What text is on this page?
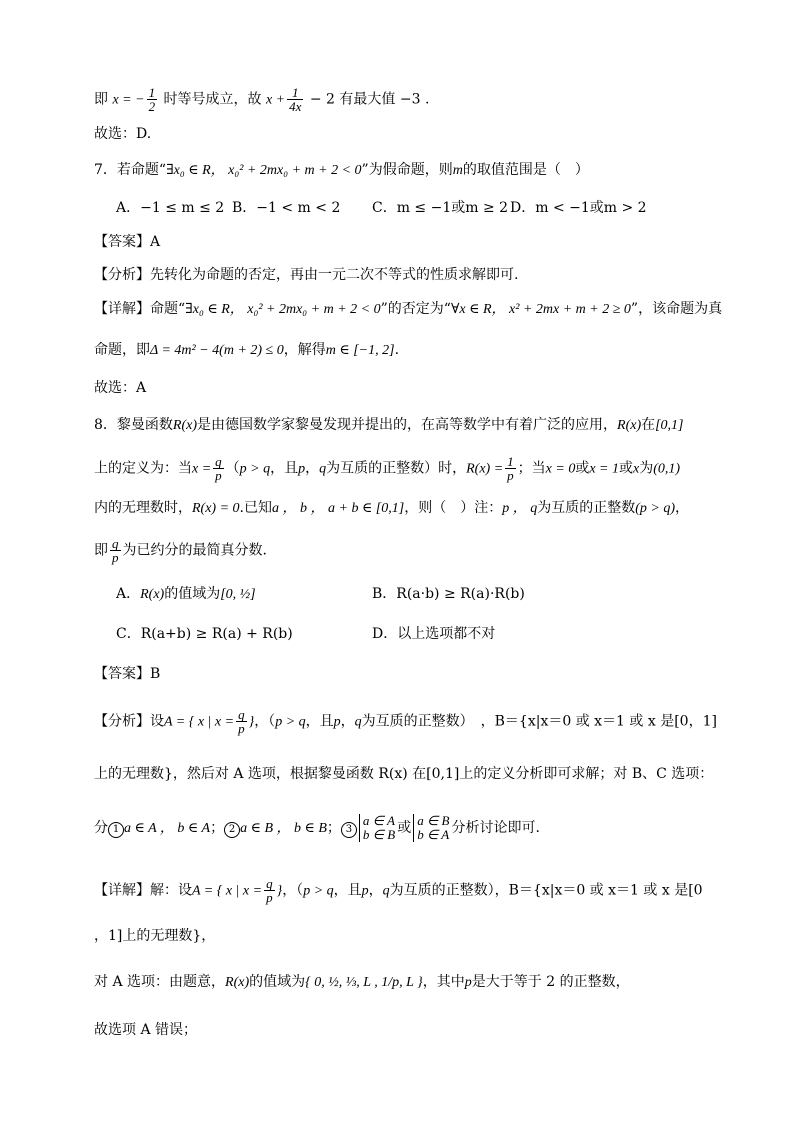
即 x = − $\frac{1}{2}$ 时等号成立，故 $x + \frac{1}{4x} - 2$ 有最大值 −3 .
故选：D.
7．若命题“∃x₀ ∈ R， x₀² + 2mx₀ + m + 2 < 0”为假命题，则m的取值范围是（　）
A．−1 ≤ m ≤ 2 B．−1 < m < 2 C．m ≤ −1或m ≥ 2 D．m < −1或m > 2
【答案】A
【分析】先转化为命题的否定，再由一元二次不等式的性质求解即可.
【详解】命题“∃x₀ ∈ R， x₀² + 2mx₀ + m + 2 < 0”的否定为“∀x ∈ R， x² + 2mx + m + 2 ≥ 0”，该命题为真
命题，即Δ = 4m² − 4(m + 2) ≤ 0，解得m ∈ [−1, 2].
故选：A
8．黎曼函数R(x)是由德国数学家黎曼发现并提出的，在高等数学中有着广泛的应用，R(x)在[0,1]
上的定义为：当$x = \frac{q}{p} (p > q$，且p，q为互质的正整数）时，$R(x) = \frac{1}{p}$ ；当x = 0或x = 1或x为(0,1)
内的无理数时，R(x) = 0.已知a ， b ， a + b ∈ [0,1]，则（　）注：p ， q为互质的正整数(p > q)，
即 $\frac{q}{p}$ 为已约分的最简真分数.
A．R(x)的值域为[0, ½]	B．R(a·b) ≥ R(a)·R(b)
C．R(a+b) ≥ R(a) + R(b)	D．以上选项都不对
【答案】B
【分析】设A = { x | $x = \frac{q}{p}$ }，（p > q，且p，q为互质的正整数）　，B＝{x|x＝0 或 x＝1 或 x 是[0，1]
上的无理数}，然后对 A 选项，根据黎曼函数 R(x) 在[0,1]上的定义分析即可求解；对 B、C 选项：
分 1 a ∈ A ， b ∈ A； 2 a ∈ B ， b ∈ B； 3
a ∈ A
b ∈ B 或 a ∈ B
b ∈ A 分析讨论即可.
【详解】解：设A = { x | $x = \frac{q}{p}$ }，（p > q，且p，q为互质的正整数），B＝{x|x＝0 或 x＝1 或 x 是[0
，1]上的无理数}，
对 A 选项：由题意，R(x)的值域为{ 0, ½, ⅓, L , 1/p, L }，其中p是大于等于 2 的正整数，
故选项 A 错误；
